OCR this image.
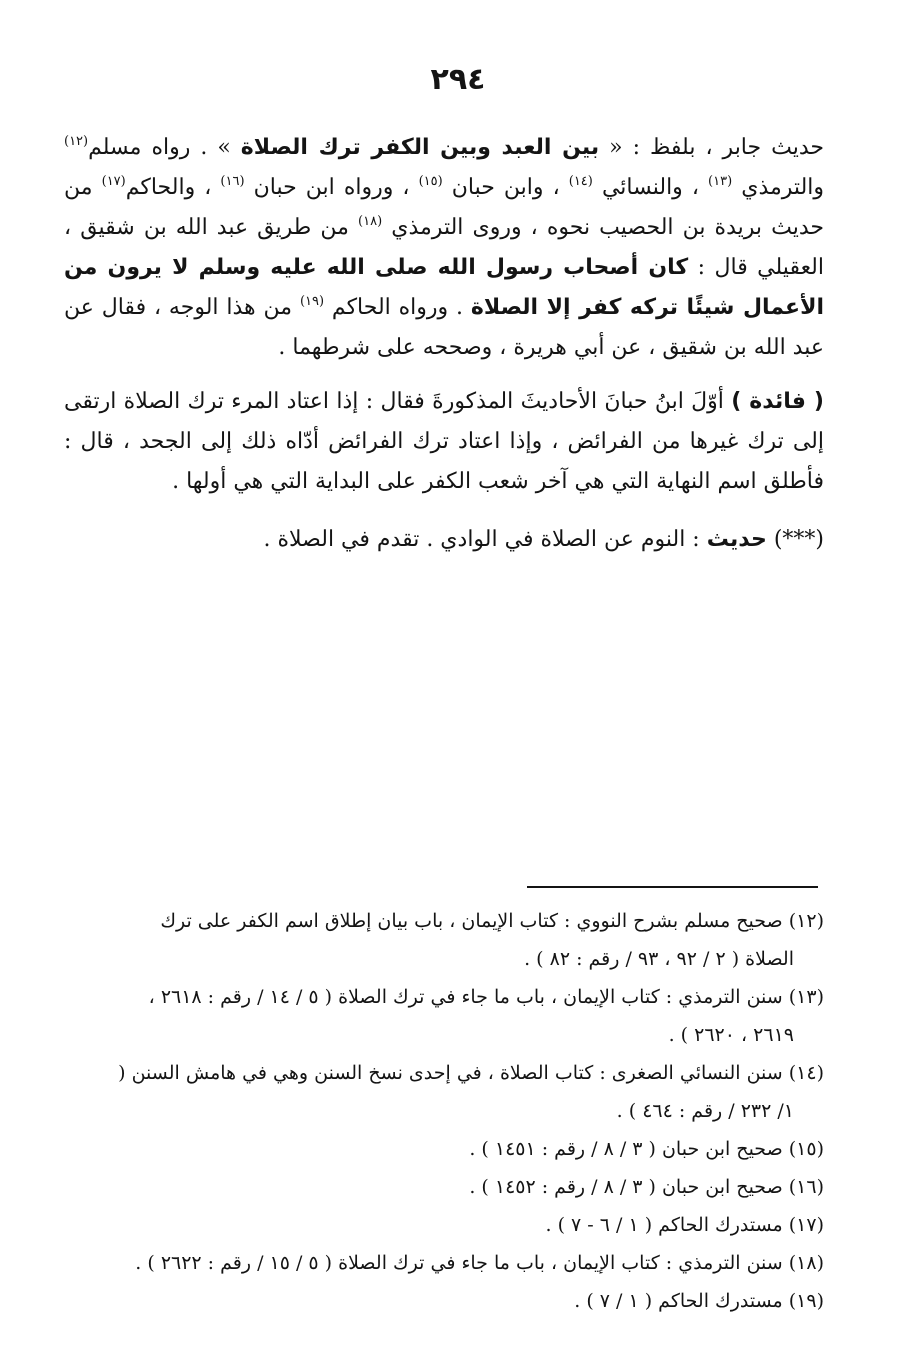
٢٩٤

حديث جابر ، بلفظ : « بين العبد وبين الكفر ترك الصلاة » . رواه مسلم$^{(١٢)}$ والترمذي $^{(١٣)}$ ، والنسائي $^{(١٤)}$ ، وابن حبان $^{(١٥)}$ ، ورواه ابن حبان $^{(١٦)}$ ، والحاكم$^{(١٧)}$ من حديث بريدة بن الحصيب نحوه ، وروى الترمذي $^{(١٨)}$ من طريق عبد الله بن شقيق ، العقيلي قال : كان أصحاب رسول الله صلى الله عليه وسلم لا يرون من الأعمال شيئًا تركه كفر إلا الصلاة . ورواه الحاكم $^{(١٩)}$ من هذا الوجه ، فقال عن عبد الله بن شقيق ، عن أبي هريرة ، وصححه على شرطهما .

( فائدة ) أوّلَ ابنُ حبانَ الأحاديثَ المذكورةَ فقال : إذا اعتاد المرء ترك الصلاة ارتقى إلى ترك غيرها من الفرائض ، وإذا اعتاد ترك الفرائض أدّاه ذلك إلى الجحد ، قال : فأطلق اسم النهاية التي هي آخر شعب الكفر على البداية التي هي أولها .

(***) حديث : النوم عن الصلاة في الوادي . تقدم في الصلاة .

(١٢) صحيح مسلم بشرح النووي : كتاب الإيمان ، باب بيان إطلاق اسم الكفر على ترك

الصلاة ( ٢ / ٩٢ ، ٩٣ / رقم : ٨٢ ) .

(١٣) سنن الترمذي : كتاب الإيمان ، باب ما جاء في ترك الصلاة ( ٥ / ١٤ / رقم : ٢٦١٨ ،

٢٦١٩ ، ٢٦٢٠ ) .

(١٤) سنن النسائي الصغرى : كتاب الصلاة ، في إحدى نسخ السنن وهي في هامش السنن (

١/ ٢٣٢ / رقم : ٤٦٤ ) .

(١٥) صحيح ابن حبان ( ٣ / ٨ / رقم : ١٤٥١ ) .

(١٦) صحيح ابن حبان ( ٣ / ٨ / رقم : ١٤٥٢ ) .

(١٧) مستدرك الحاكم ( ١ / ٦ - ٧ ) .

(١٨) سنن الترمذي : كتاب الإيمان ، باب ما جاء في ترك الصلاة ( ٥ / ١٥ / رقم : ٢٦٢٢ ) .

(١٩) مستدرك الحاكم ( ١ / ٧ ) .
